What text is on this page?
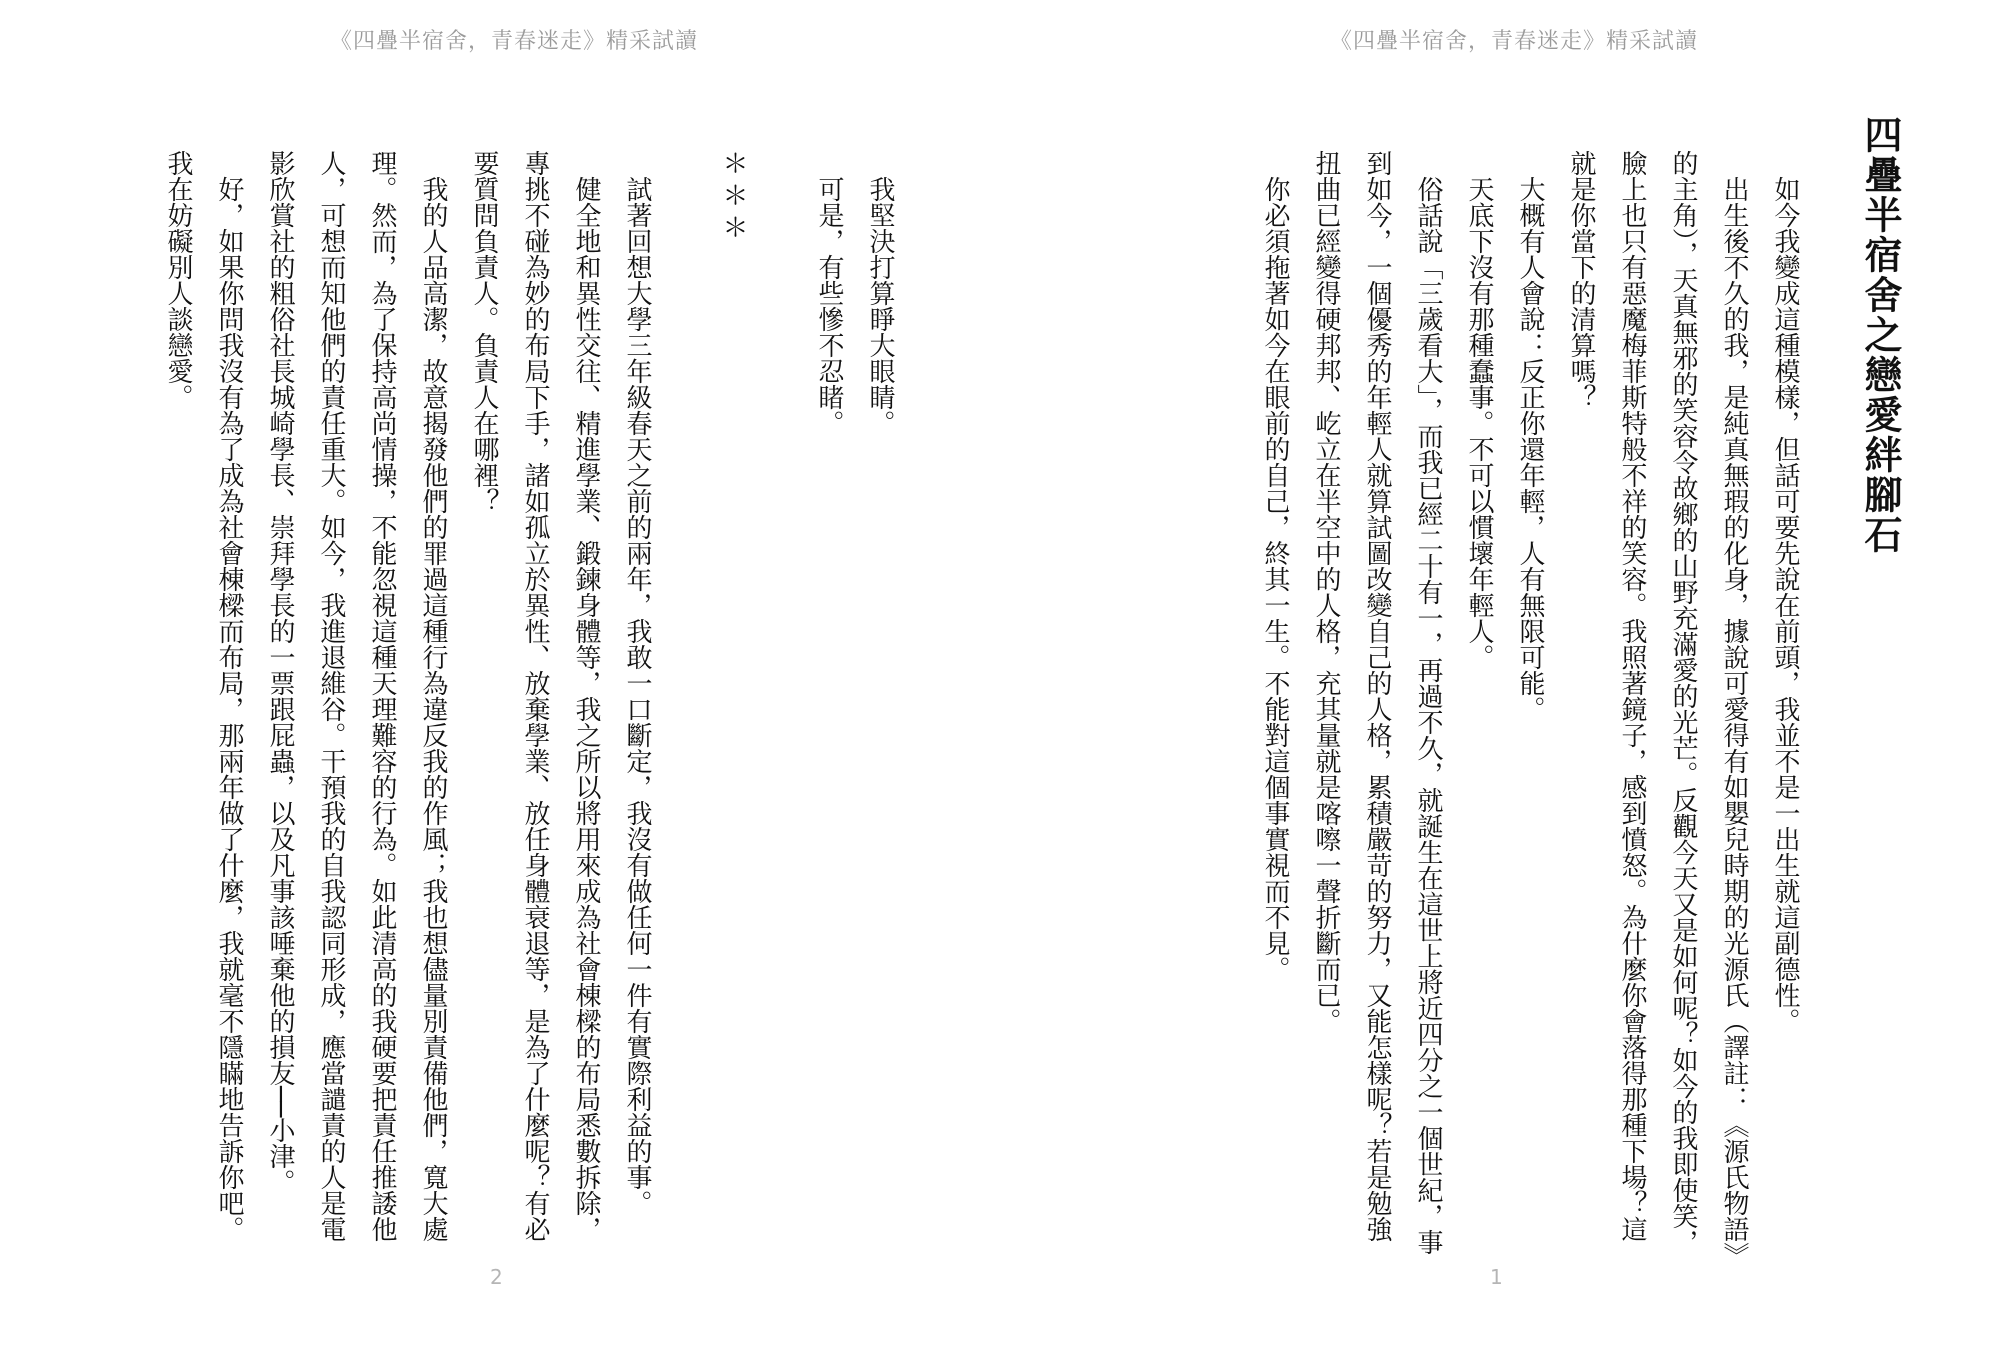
《四疊半宿舍，青春迷走》精采試讀

我堅決打算睜大眼睛。

可是，有些慘不忍睹。

＊＊＊

試著回想大學三年級春天之前的兩年，我敢一口斷定，我沒有做任何一件有實際利益的事。

健全地和異性交往、精進學業、鍛鍊身體等，我之所以將用來成為社會棟樑的布局悉數拆除，專挑不碰為妙的布局下手，諸如孤立於異性、放棄學業、放任身體衰退等，是為了什麼呢？有必要質問負責人。負責人在哪裡？

我的人品高潔，故意揭發他們的罪過這種行為違反我的作風；我也想儘量別責備他們，寬大處理。然而，為了保持高尚情操，不能忽視這種天理難容的行為。如此清高的我硬要把責任推諉他人，可想而知他們的責任重大。如今，我進退維谷。干預我的自我認同形成，應當譴責的人是電影欣賞社的粗俗社長城崎學長、崇拜學長的一票跟屁蟲，以及凡事該唾棄他的損友──小津。

好，如果你問我沒有為了成為社會棟樑而布局，那兩年做了什麼，我就毫不隱瞞地告訴你吧。

我在妨礙別人談戀愛。

2
《四疊半宿舍，青春迷走》精采試讀
四疊半宿舍之戀愛絆腳石

如今我變成這種模樣，但話可要先說在前頭，我並不是一出生就這副德性。

出生後不久的我，是純真無瑕的化身，據說可愛得有如嬰兒時期的光源氏（譯註：《源氏物語》的主角），天真無邪的笑容令故鄉的山野充滿愛的光芒。反觀今天又是如何呢？如今的我即使笑，臉上也只有惡魔梅菲斯特般不祥的笑容。我照著鏡子，感到憤怒。為什麼你會落得那種下場？這就是你當下的清算嗎？

大概有人會說：反正你還年輕，人有無限可能。

天底下沒有那種蠢事。不可以慣壞年輕人。

俗話說「三歲看大」，而我已經二十有一，再過不久，就誕生在這世上將近四分之一個世紀，事到如今，一個優秀的年輕人就算試圖改變自己的人格，累積嚴苛的努力，又能怎樣呢？若是勉強扭曲已經變得硬邦邦、屹立在半空中的人格，充其量就是喀嚓一聲折斷而已。

你必須拖著如今在眼前的自己，終其一生。不能對這個事實視而不見。

1
